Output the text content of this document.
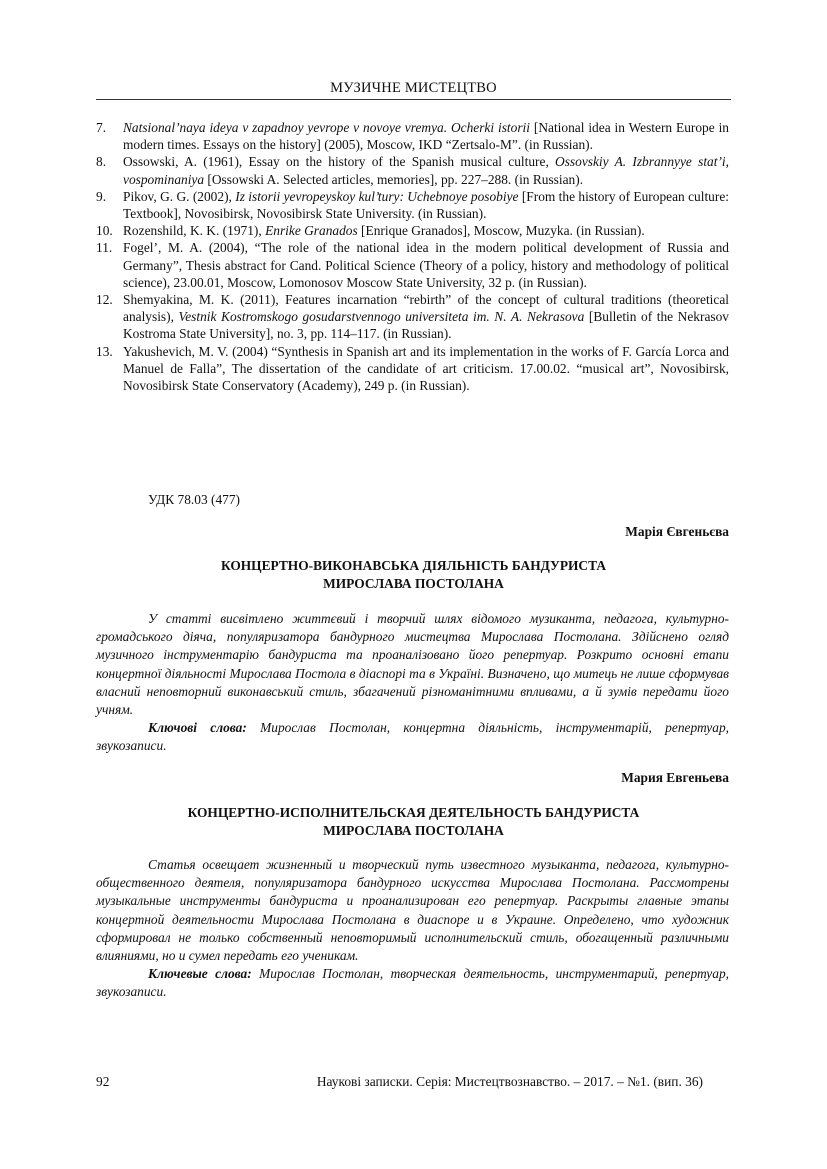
МУЗИЧНЕ МИСТЕЦТВО
7. Natsional’naya ideya v zapadnoy yevrope v novoye vremya. Ocherki istorii [National idea in Western Europe in modern times. Essays on the history] (2005), Moscow, IKD “Zertsalo-M”. (in Russian).
8. Ossowski, A. (1961), Essay on the history of the Spanish musical culture, Ossovskiy A. Izbrannyye stat’i, vospominaniya [Ossowski A. Selected articles, memories], pp. 227–288. (in Russian).
9. Pikov, G. G. (2002), Iz istorii yevropeyskoy kul’tury: Uchebnoye posobiye [From the history of European culture: Textbook], Novosibirsk, Novosibirsk State University. (in Russian).
10. Rozenshild, K. K. (1971), Enrike Granados [Enrique Granados], Moscow, Muzyka. (in Russian).
11. Fogel’, M. A. (2004), “The role of the national idea in the modern political development of Russia and Germany”, Thesis abstract for Cand. Political Science (Theory of a policy, history and methodology of political science), 23.00.01, Moscow, Lomonosov Moscow State University, 32 p. (in Russian).
12. Shemyakina, M. K. (2011), Features incarnation “rebirth” of the concept of cultural traditions (theoretical analysis), Vestnik Kostromskogo gosudarstvennogo universiteta im. N. A. Nekrasova [Bulletin of the Nekrasov Kostroma State University], no. 3, pp. 114–117. (in Russian).
13. Yakushevich, M. V. (2004) “Synthesis in Spanish art and its implementation in the works of F. García Lorca and Manuel de Falla”, The dissertation of the candidate of art criticism. 17.00.02. “musical art”, Novosibirsk, Novosibirsk State Conservatory (Academy), 249 p. (in Russian).
УДК 78.03 (477)
Марія Євгеньєва
КОНЦЕРТНО-ВИКОНАВСЬКА ДІЯЛЬНІСТЬ БАНДУРИСТА
МИРОСЛАВА ПОСТОЛАНА

У статті висвітлено життєвий і творчий шлях відомого музиканта, педагога, культурно-громадського діяча, популяризатора бандурного мистецтва Мирослава Постолана. Здійснено огляд музичного інструментарію бандуриста та проаналізовано його репертуар. Розкрито основні етапи концертної діяльності Мирослава Постола в діаспорі та в Україні. Визначено, що митець не лише сформував власний неповторний виконавський стиль, збагачений різноманітними впливами, а й зумів передати його учням.

Ключові слова: Мирослав Постолан, концертна діяльність, інструментарій, репертуар, звукозаписи.

Мария Евгеньева
КОНЦЕРТНО-ИСПОЛНИТЕЛЬСКАЯ ДЕЯТЕЛЬНОСТЬ БАНДУРИСТА
МИРОСЛАВА ПОСТОЛАНА

Статья освещает жизненный и творческий путь известного музыканта, педагога, культурно-общественного деятеля, популяризатора бандурного искусства Мирослава Постолана. Рассмотрены музыкальные инструменты бандуриста и проанализирован его репертуар. Раскрыты главные этапы концертной деятельности Мирослава Постолана в диаспоре и в Украине. Определено, что художник сформировал не только собственный неповторимый исполнительский стиль, обогащенный различными влияниями, но и сумел передать его ученикам.

Ключевые слова: Мирослав Постолан, творческая деятельность, инструментарий, репертуар, звукозаписи.

92	Наукові записки. Серія: Мистецтвознавство. – 2017. – №1. (вип. 36)
